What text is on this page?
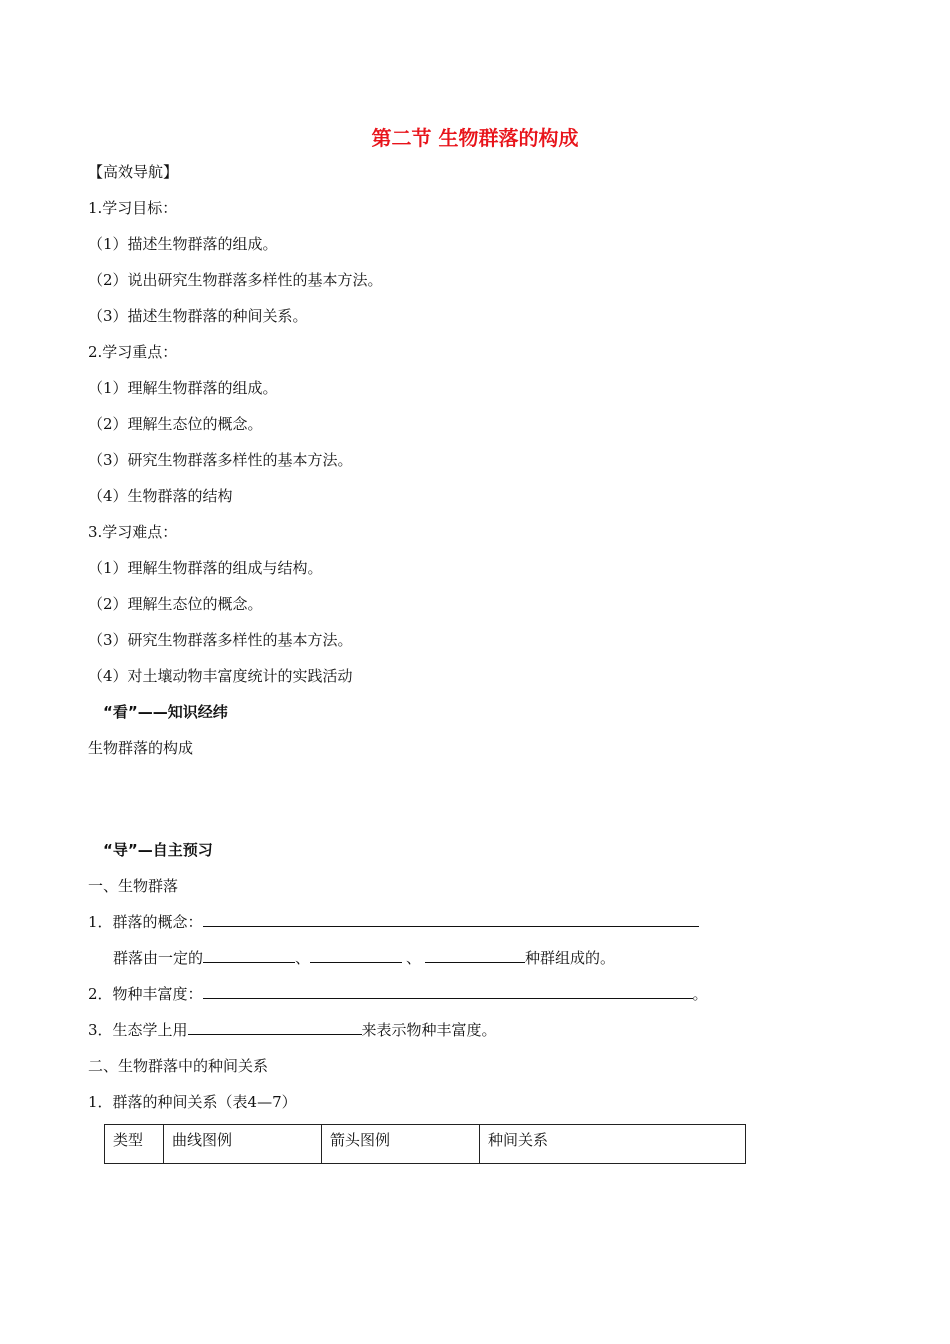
第二节 生物群落的构成
【高效导航】
1.学习目标：
（1）描述生物群落的组成。
（2）说出研究生物群落多样性的基本方法。
（3）描述生物群落的种间关系。
2.学习重点：
（1）理解生物群落的组成。
（2）理解生态位的概念。
（3）研究生物群落多样性的基本方法。
（4）生物群落的结构
3.学习难点：
（1）理解生物群落的组成与结构。
（2）理解生态位的概念。
（3）研究生物群落多样性的基本方法。
（4）对土壤动物丰富度统计的实践活动
“看”——知识经纬
生物群落的构成
“导”—自主预习
一、生物群落
1．群落的概念：
群落由一定的	、	、	种群组成的。
2．物种丰富度：	。
3．生态学上用	来表示物种丰富度。
二、生物群落中的种间关系
1．群落的种间关系（表4—7）
类型	曲线图例	箭头图例	种间关系
